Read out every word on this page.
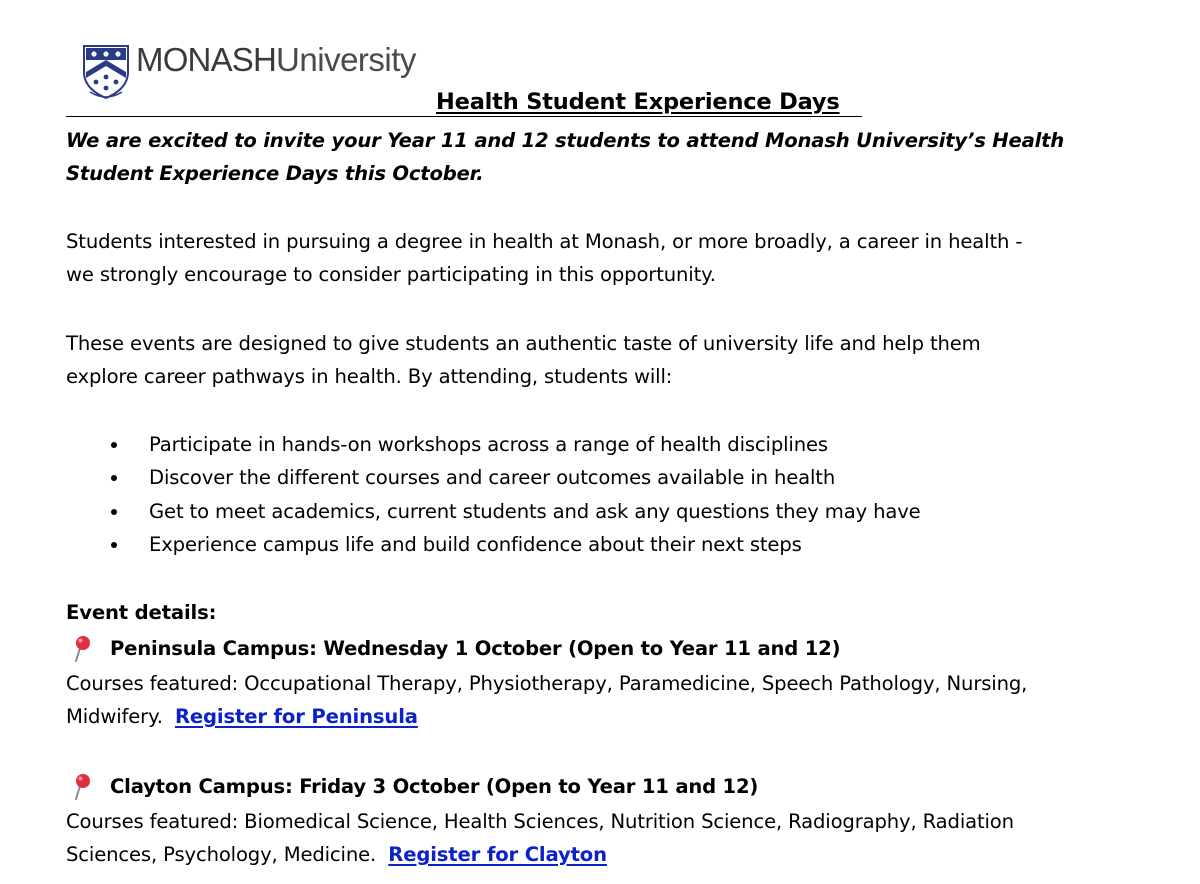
MONASHUniversity
Health Student Experience Days
We are excited to invite your Year 11 and 12 students to attend Monash University’s Health
Student Experience Days this October.
Students interested in pursuing a degree in health at Monash, or more broadly, a career in health -
we strongly encourage to consider participating in this opportunity.
These events are designed to give students an authentic taste of university life and help them
explore career pathways in health. By attending, students will:
Participate in hands-on workshops across a range of health disciplines
Discover the different courses and career outcomes available in health
Get to meet academics, current students and ask any questions they may have
Experience campus life and build confidence about their next steps
Event details:
Peninsula Campus: Wednesday 1 October (Open to Year 11 and 12)
Courses featured: Occupational Therapy, Physiotherapy, Paramedicine, Speech Pathology, Nursing,
Midwifery.  Register for Peninsula
Clayton Campus: Friday 3 October (Open to Year 11 and 12)
Courses featured: Biomedical Science, Health Sciences, Nutrition Science, Radiography, Radiation
Sciences, Psychology, Medicine.  Register for Clayton
